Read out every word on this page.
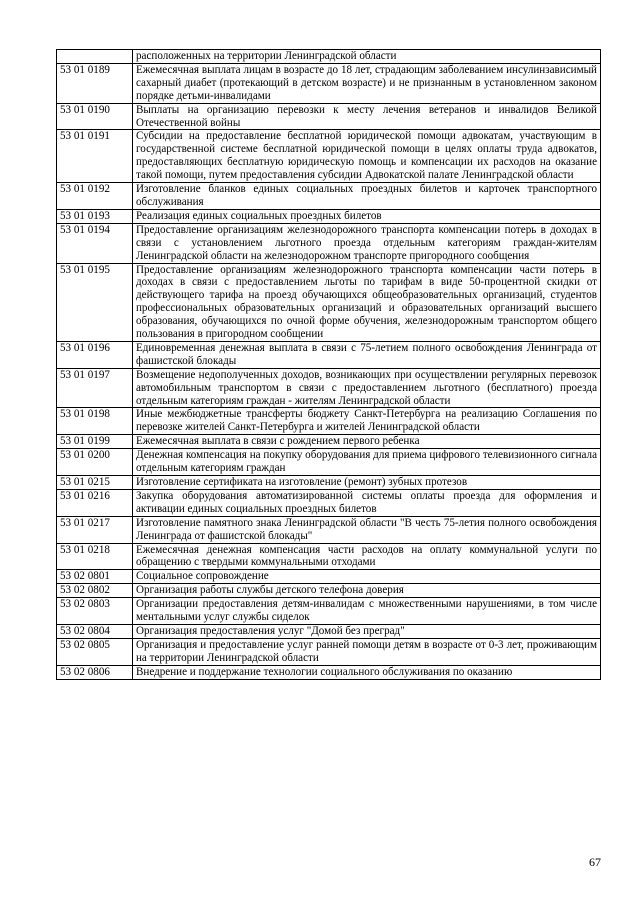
	расположенных на территории Ленинградской области
53 01 0189	Ежемесячная выплата лицам в возрасте до 18 лет, страдающим заболеванием инсулинзависимый сахарный диабет (протекающий в детском возрасте) и не признанным в установленном законом порядке детьми-инвалидами
53 01 0190	Выплаты на организацию перевозки к месту лечения ветеранов и инвалидов Великой Отечественной войны
53 01 0191	Субсидии на предоставление бесплатной юридической помощи адвокатам, участвующим в государственной системе бесплатной юридической помощи в целях оплаты труда адвокатов, предоставляющих бесплатную юридическую помощь и компенсации их расходов на оказание такой помощи, путем предоставления субсидии Адвокатской палате Ленинградской области
53 01 0192	Изготовление бланков единых социальных проездных билетов и карточек транспортного обслуживания
53 01 0193	Реализация единых социальных проездных билетов
53 01 0194	Предоставление организациям железнодорожного транспорта компенсации потерь в доходах в связи с установлением льготного проезда отдельным категориям граждан-жителям Ленинградской области на железнодорожном транспорте пригородного сообщения
53 01 0195	Предоставление организациям железнодорожного транспорта компенсации части потерь в доходах в связи с предоставлением льготы по тарифам в виде 50-процентной скидки от действующего тарифа на проезд обучающихся общеобразовательных организаций, студентов профессиональных образовательных организаций и образовательных организаций высшего образования, обучающихся по очной форме обучения, железнодорожным транспортом общего пользования в пригородном сообщении
53 01 0196	Единовременная денежная выплата в связи с 75-летием полного освобождения Ленинграда от фашистской блокады
53 01 0197	Возмещение недополученных доходов, возникающих при осуществлении регулярных перевозок автомобильным транспортом в связи с предоставлением льготного (бесплатного) проезда отдельным категориям граждан - жителям Ленинградской области
53 01 0198	Иные межбюджетные трансферты бюджету Санкт-Петербурга на реализацию Соглашения по перевозке жителей Санкт-Петербурга и жителей Ленинградской области
53 01 0199	Ежемесячная выплата в связи с рождением первого ребенка
53 01 0200	Денежная компенсация на покупку оборудования для приема цифрового телевизионного сигнала отдельным категориям граждан
53 01 0215	Изготовление сертификата на изготовление (ремонт) зубных протезов
53 01 0216	Закупка оборудования автоматизированной системы оплаты проезда для оформления и активации единых социальных проездных билетов
53 01 0217	Изготовление памятного знака Ленинградской области "В честь 75-летия полного освобождения Ленинграда от фашистской блокады"
53 01 0218	Ежемесячная денежная компенсация части расходов на оплату коммунальной услуги по обращению с твердыми коммунальными отходами
53 02 0801	Социальное сопровождение
53 02 0802	Организация работы службы детского телефона доверия
53 02 0803	Организации предоставления детям-инвалидам с множественными нарушениями, в том числе ментальными услуг службы сиделок
53 02 0804	Организация предоставления услуг "Домой без преград"
53 02 0805	Организация и предоставление услуг ранней помощи детям в возрасте от 0-3 лет, проживающим на территории Ленинградской области
53 02 0806	Внедрение и поддержание технологии социального обслуживания по оказанию
67
